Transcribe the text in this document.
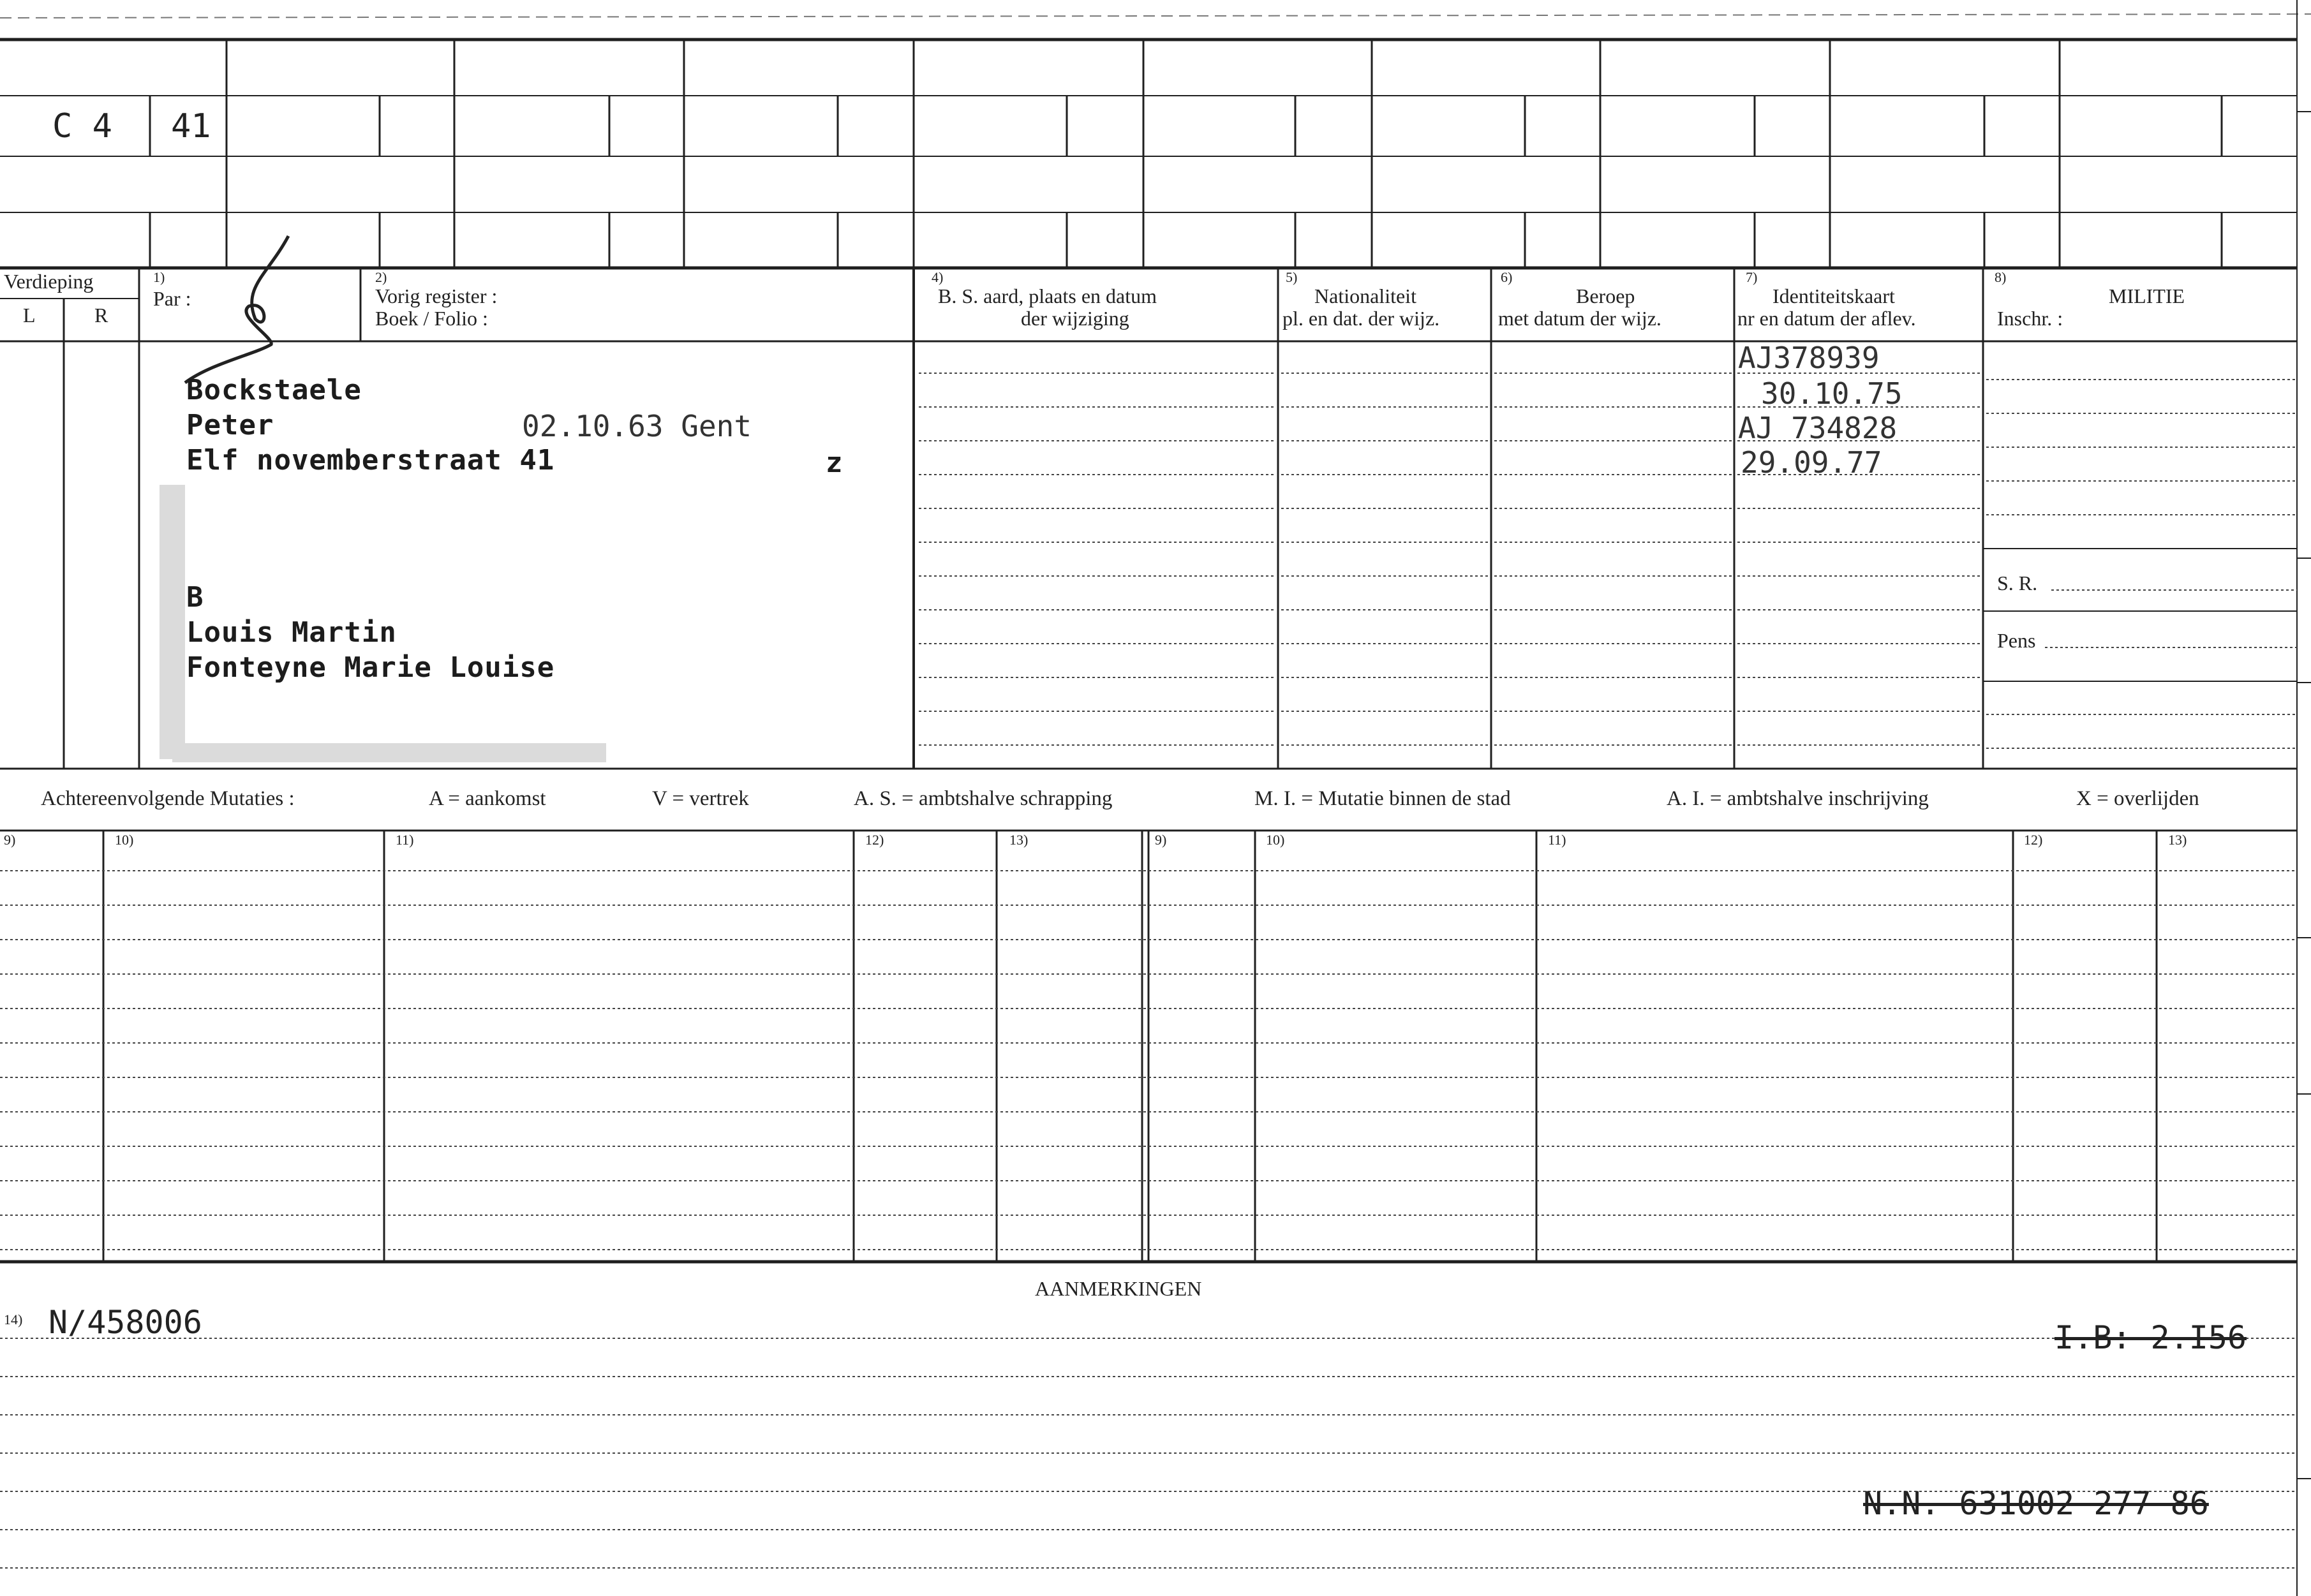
C 4 41
Verdieping
L	R
1)
Par :
2)
Vorig register :
Boek / Folio :
4)
B. S. aard, plaats en datum
der wijziging
5)
Nationaliteit
pl. en dat. der wijz.
6)
Beroep
met datum der wijz.
7)
Identiteitskaart
nr en datum der aflev.
8)
MILITIE
Inschr. :
S. R.
Pens
Bockstaele
Peter	02.10.63 Gent
Elf novemberstraat 41	z
B
Louis Martin
Fonteyne Marie Louise
AJ378939
30.10.75
AJ 734828
29.09.77
Achtereenvolgende Mutaties :	A = aankomst	V = vertrek	A. S. = ambtshalve schrapping	M. I. = Mutatie binnen de stad	A. I. = ambtshalve inschrijving	X = overlijden
9)	10)	11)	12)	13)	9)	10)	11)	12)	13)
AANMERKINGEN
14) N/458006	I.B: 2.I56
N.N. 631002 277 86
